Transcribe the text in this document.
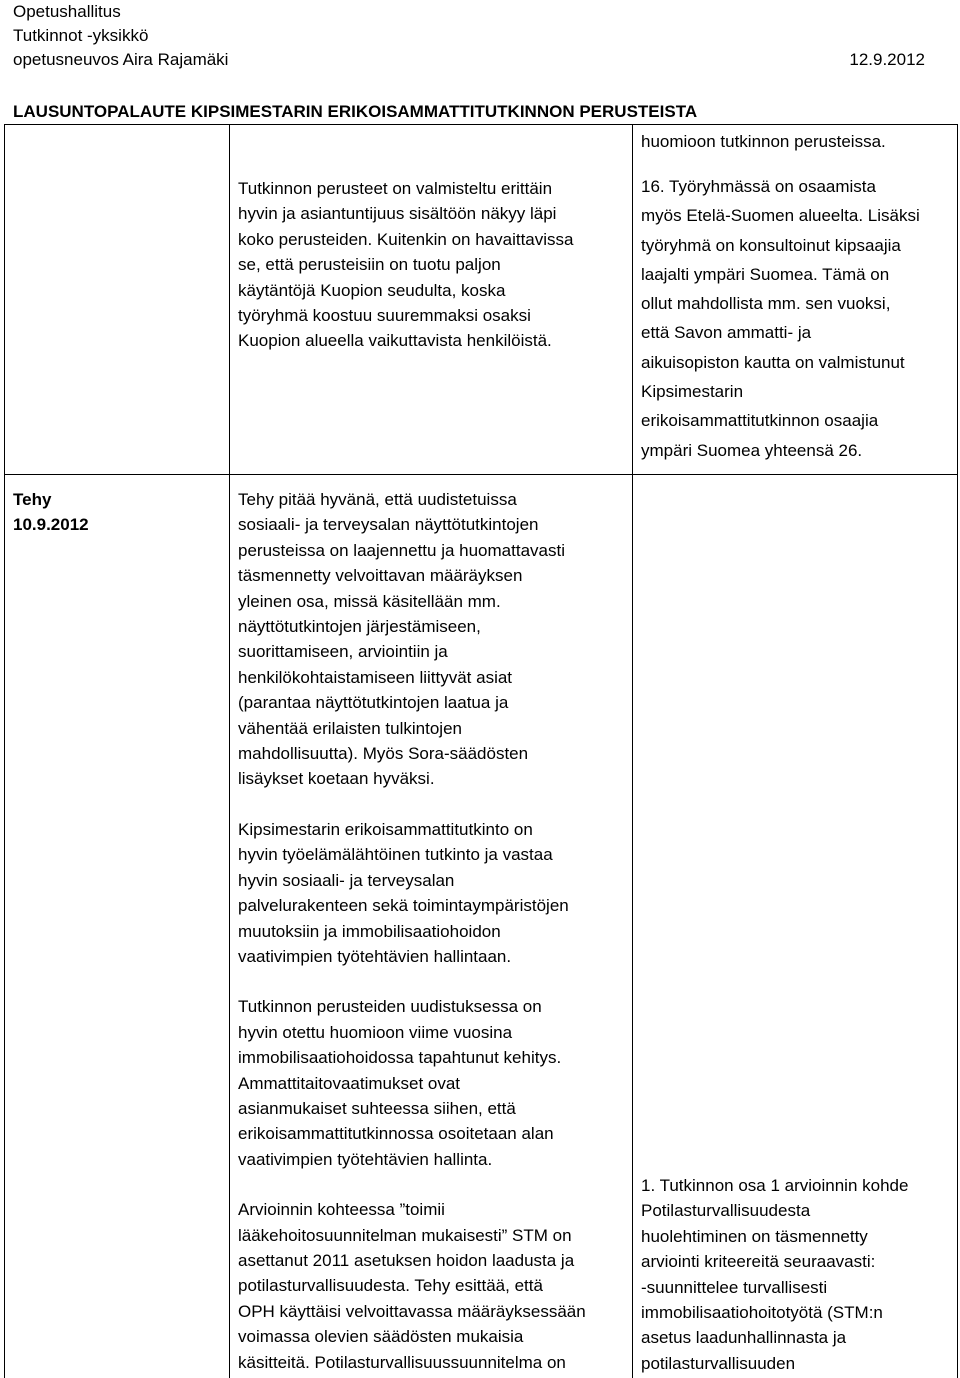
Opetushallitus
Tutkinnot -yksikkö
opetusneuvos Aira Rajamäki	12.9.2012
LAUSUNTOPALAUTE KIPSIMESTARIN ERIKOISAMMATTITUTKINNON PERUSTEISTA
huomioon tutkinnon perusteissa.
Tutkinnon perusteet on valmisteltu erittäin
hyvin ja asiantuntijuus sisältöön näkyy läpi
koko perusteiden. Kuitenkin on havaittavissa
se, että perusteisiin on tuotu paljon
käytäntöjä Kuopion seudulta, koska
työryhmä koostuu suuremmaksi osaksi
Kuopion alueella vaikuttavista henkilöistä.
16. Työryhmässä on osaamista
myös Etelä-Suomen alueelta. Lisäksi
työryhmä on konsultoinut kipsaajia
laajalti ympäri Suomea. Tämä on
ollut mahdollista mm. sen vuoksi,
että Savon ammatti- ja
aikuisopiston kautta on valmistunut
Kipsimestarin
erikoisammattitutkinnon osaajia
ympäri Suomea yhteensä 26.
Tehy
10.9.2012

Tehy pitää hyvänä, että uudistetuissa
sosiaali- ja terveysalan näyttötutkintojen
perusteissa on laajennettu ja huomattavasti
täsmennetty velvoittavan määräyksen
yleinen osa, missä käsitellään mm.
näyttötutkintojen järjestämiseen,
suorittamiseen, arviointiin ja
henkilökohtaistamiseen liittyvät asiat
(parantaa näyttötutkintojen laatua ja
vähentää erilaisten tulkintojen
mahdollisuutta). Myös Sora-säädösten
lisäykset koetaan hyväksi.

Kipsimestarin erikoisammattitutkinto on
hyvin työelämälähtöinen tutkinto ja vastaa
hyvin sosiaali- ja terveysalan
palvelurakenteen sekä toimintaympäristöjen
muutoksiin ja immobilisaatiohoidon
vaativimpien työtehtävien hallintaan.

Tutkinnon perusteiden uudistuksessa on
hyvin otettu huomioon viime vuosina
immobilisaatiohoidossa tapahtunut kehitys.
Ammattitaitovaatimukset ovat
asianmukaiset suhteessa siihen, että
erikoisammattitutkinnossa osoitetaan alan
vaativimpien työtehtävien hallinta.

Arvioinnin kohteessa ”toimii
lääkehoitosuunnitelman mukaisesti” STM on
asettanut 2011 asetuksen hoidon laadusta ja
potilasturvallisuudesta. Tehy esittää, että
OPH käyttäisi velvoittavassa määräyksessään
voimassa olevien säädösten mukaisia
käsitteitä. Potilasturvallisuussuunnitelma on

1. Tutkinnon osa 1 arvioinnin kohde
Potilasturvallisuudesta
huolehtiminen on täsmennetty
arviointi kriteereitä seuraavasti:
-suunnittelee turvallisesti
immobilisaatiohoitotyötä (STM:n
asetus laadunhallinnasta ja
potilasturvallisuuden
